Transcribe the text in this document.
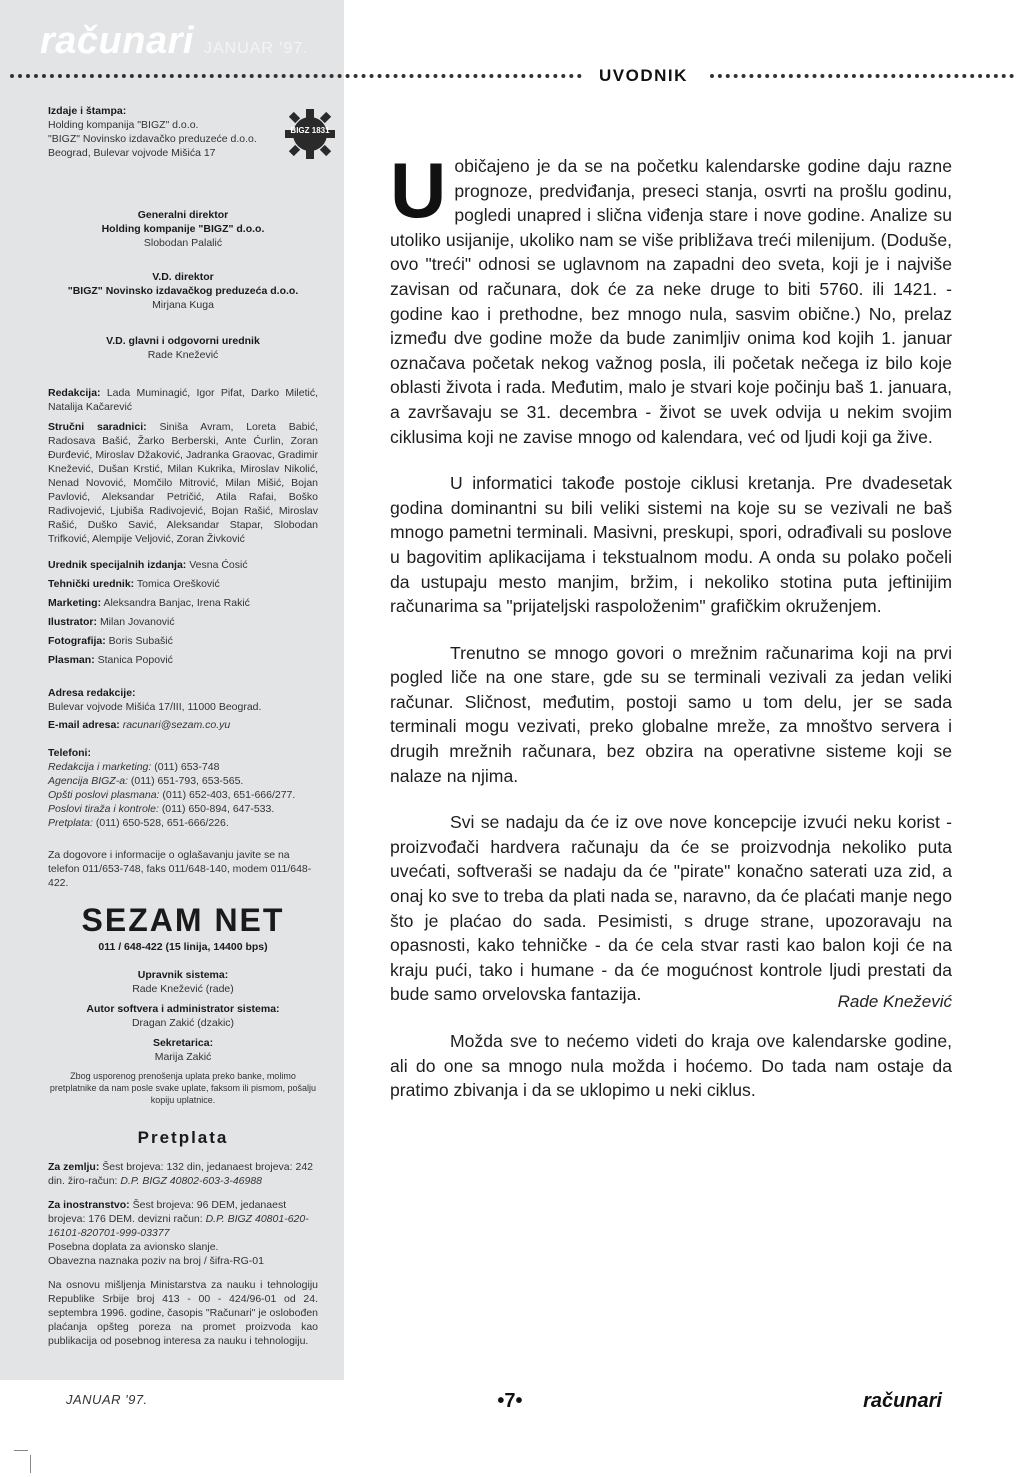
računari JANUAR '97.
UVODNIK
Izdaje i štampa:
Holding kompanija "BIGZ" d.o.o.
"BIGZ" Novinsko izdavačko preduzeće d.o.o.
Beograd, Bulevar vojvode Mišića 17
BIGZ 1831
Generalni direktor
Holding kompanije "BIGZ" d.o.o.
Slobodan Palalić
V.D. direktor
"BIGZ" Novinsko izdavačkog preduzeća d.o.o.
Mirjana Kuga
V.D. glavni i odgovorni urednik
Rade Knežević
Redakcija: Lada Muminagić, Igor Pifat, Darko Miletić, Natalija Kačarević
Stručni saradnici: Siniša Avram, Loreta Babić, Radosava Bašić, Žarko Berberski, Ante Ćurlin, Zoran Đurđević, Miroslav Džaković, Jadranka Graovac, Gradimir Knežević, Dušan Krstić, Milan Kukrika, Miroslav Nikolić, Nenad Novović, Momčilo Mitrović, Milan Mišić, Bojan Pavlović, Aleksandar Petričić, Atila Rafai, Boško Radivojević, Ljubiša Radivojević, Bojan Rašić, Miroslav Rašić, Duško Savić, Aleksandar Stapar, Slobodan Trifković, Alempije Veljović, Zoran Živković
Urednik specijalnih izdanja: Vesna Ćosić
Tehnički urednik: Tomica Orešković
Marketing: Aleksandra Banjac, Irena Rakić
Ilustrator: Milan Jovanović
Fotografija: Boris Subašić
Plasman: Stanica Popović
Adresa redakcije:
Bulevar vojvode Mišića 17/III, 11000 Beograd.
E-mail adresa: racunari@sezam.co.yu
Telefoni:
Redakcija i marketing: (011) 653-748
Agencija BIGZ-a: (011) 651-793, 653-565.
Opšti poslovi plasmana: (011) 652-403, 651-666/277.
Poslovi tiraža i kontrole: (011) 650-894, 647-533.
Pretplata: (011) 650-528, 651-666/226.
Za dogovore i informacije o oglašavanju javite se na telefon 011/653-748, faks 011/648-140, modem 011/648-422.
SEZAM NET
011 / 648-422 (15 linija, 14400 bps)
Upravnik sistema:
Rade Knežević (rade)
Autor softvera i administrator sistema:
Dragan Zakić (dzakic)
Sekretarica:
Marija Zakić
Zbog usporenog prenošenja uplata preko banke, molimo pretplatnike da nam posle svake uplate, faksom ili pismom, pošalju kopiju uplatnice.
Pretplata
Za zemlju: Šest brojeva: 132 din, jedanaest brojeva: 242 din. žiro-račun: D.P. BIGZ 40802-603-3-46988
Za inostranstvo: Šest brojeva: 96 DEM, jedanaest brojeva: 176 DEM. devizni račun: D.P. BIGZ 40801-620-16101-820701-999-03377
Posebna doplata za avionsko slanje.
Obavezna naznaka poziv na broj / šifra-RG-01
Na osnovu mišljenja Ministarstva za nauku i tehnologiju Republike Srbije broj 413 - 00 - 424/96-01 od 24. septembra 1996. godine, časopis "Računari" je oslobođen plaćanja opšteg poreza na promet proizvoda kao publikacija od posebnog interesa za nauku i tehnologiju.

Uobičajeno je da se na početku kalendarske godine daju razne prognoze, predviđanja, preseci stanja, osvrti na prošlu godinu, pogledi unapred i slična viđenja stare i nove godine. Analize su utoliko usijanije, ukoliko nam se više približava treći milenijum. (Doduše, ovo "treći" odnosi se uglavnom na zapadni deo sveta, koji je i najviše zavisan od računara, dok će za neke druge to biti 5760. ili 1421. - godine kao i prethodne, bez mnogo nula, sasvim obične.) No, prelaz između dve godine može da bude zanimljiv onima kod kojih 1. januar označava početak nekog važnog posla, ili početak nečega iz bilo koje oblasti života i rada. Međutim, malo je stvari koje počinju baš 1. januara, a završavaju se 31. decembra - život se uvek odvija u nekim svojim ciklusima koji ne zavise mnogo od kalendara, već od ljudi koji ga žive.

U informatici takođe postoje ciklusi kretanja. Pre dvadesetak godina dominantni su bili veliki sistemi na koje su se vezivali ne baš mnogo pametni terminali. Masivni, preskupi, spori, odrađivali su poslove u bagovitim aplikacijama i tekstualnom modu. A onda su polako počeli da ustupaju mesto manjim, bržim, i nekoliko stotina puta jeftinijim računarima sa "prijateljski raspoloženim" grafičkim okruženjem.

Trenutno se mnogo govori o mrežnim računarima koji na prvi pogled liče na one stare, gde su se terminali vezivali za jedan veliki računar. Sličnost, međutim, postoji samo u tom delu, jer se sada terminali mogu vezivati, preko globalne mreže, za mnoštvo servera i drugih mrežnih računara, bez obzira na operativne sisteme koji se nalaze na njima.

Svi se nadaju da će iz ove nove koncepcije izvući neku korist - proizvođači hardvera računaju da će se proizvodnja nekoliko puta uvećati, softveraši se nadaju da će "pirate" konačno saterati uza zid, a onaj ko sve to treba da plati nada se, naravno, da će plaćati manje nego što je plaćao do sada. Pesimisti, s druge strane, upozoravaju na opasnosti, kako tehničke - da će cela stvar rasti kao balon koji će na kraju pući, tako i humane - da će mogućnost kontrole ljudi prestati da bude samo orvelovska fantazija.

Možda sve to nećemo videti do kraja ove kalendarske godine, ali do one sa mnogo nula možda i hoćemo. Do tada nam ostaje da pratimo zbivanja i da se uklopimo u neki ciklus.

Rade Knežević
JANUAR '97.	•7•	računari
